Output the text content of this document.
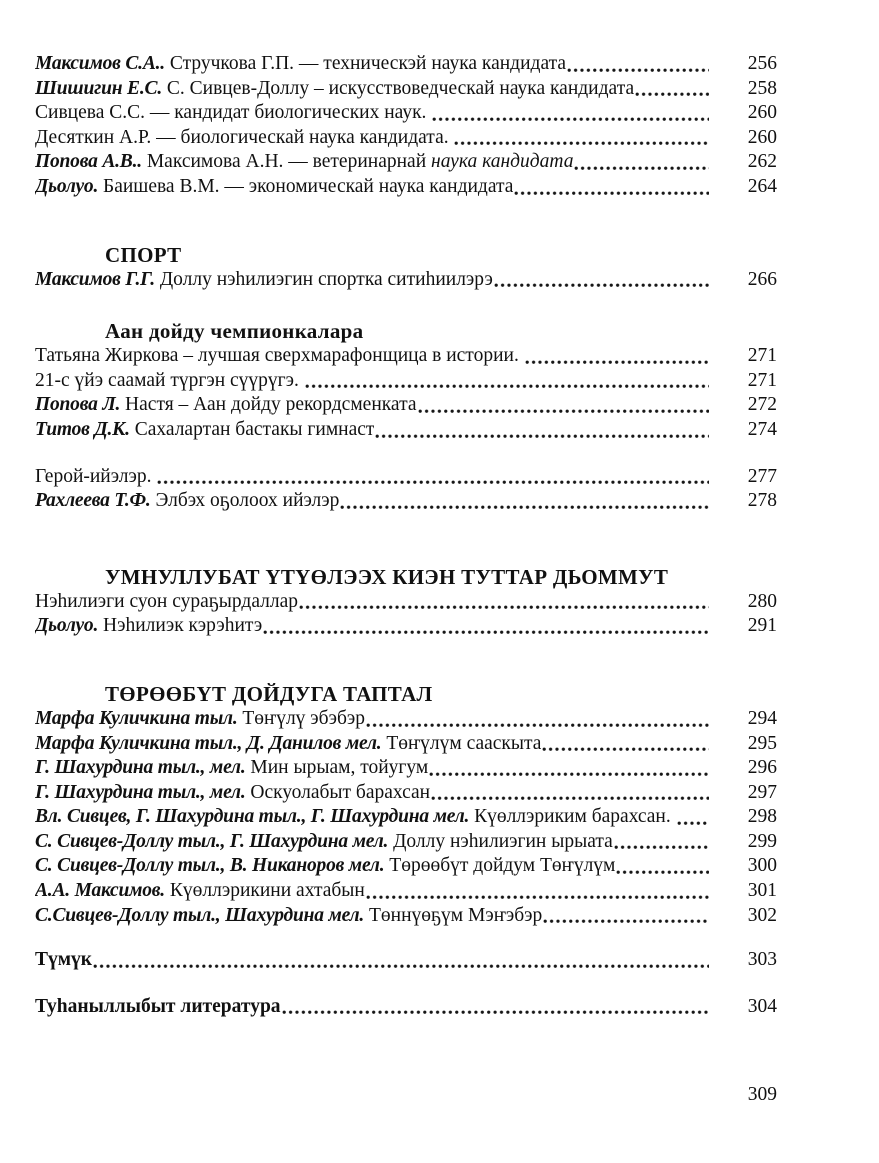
Максимов С.А.. Стручкова Г.П. — техническэй наука кандидата	256
Шишигин Е.С. С. Сивцев-Доллу – искусствоведческай наука кандидата	258
Сивцева С.С. — кандидат биологических наук.	260
Десяткин А.Р. — биологическай наука кандидата.	260
Попова А.В.. Максимова А.Н. — ветеринарнай наука кандидата	262
Дьолуо. Баишева В.М. — экономическай наука кандидата	264
СПОРТ
Максимов Г.Г. Доллу нэһилиэгин спортка ситиһиилэрэ	266
Аан дойду чемпионкалара
Татьяна Жиркова – лучшая сверхмарафонщица в истории.	271
21-с үйэ саамай түргэн сүүрүгэ.	271
Попова Л. Настя – Аан дойду рекордсменката	272
Титов Д.К. Сахалартан бастакы гимнаст	274
Герой-ийэлэр.	277
Рахлеева Т.Ф. Элбэх оҕолоох ийэлэр	278
УМНУЛЛУБАТ ҮТҮӨЛЭЭХ КИЭН ТУТТАР ДЬОММУТ
Нэһилиэги суон сураҕырдаллар	280
Дьолуо. Нэһилиэк кэрэһитэ	291
ТӨРӨӨБҮТ ДОЙДУГА ТАПТАЛ
Марфа Куличкина тыл. Төҥүлү эбэбэр	294
Марфа Куличкина тыл., Д. Данилов мел. Төҥүлүм сааскыта	295
Г. Шахурдина тыл., мел. Мин ырыам, тойугум	296
Г. Шахурдина тыл., мел. Оскуолабыт барахсан	297
Вл. Сивцев, Г. Шахурдина тыл., Г. Шахурдина мел. Күөллэриким барахсан.	298
С. Сивцев-Доллу тыл., Г. Шахурдина мел. Доллу нэһилиэгин ырыата	299
С. Сивцев-Доллу тыл., В. Никаноров мел. Төрөөбүт дойдум Төҥүлүм	300
А.А. Максимов. Күөллэрикини ахтабын	301
С.Сивцев-Доллу тыл., Шахурдина мел. Төннүөҕүм Мэҥэбэр	302
Түмүк	303
Туһаныллыбыт литература	304
309
